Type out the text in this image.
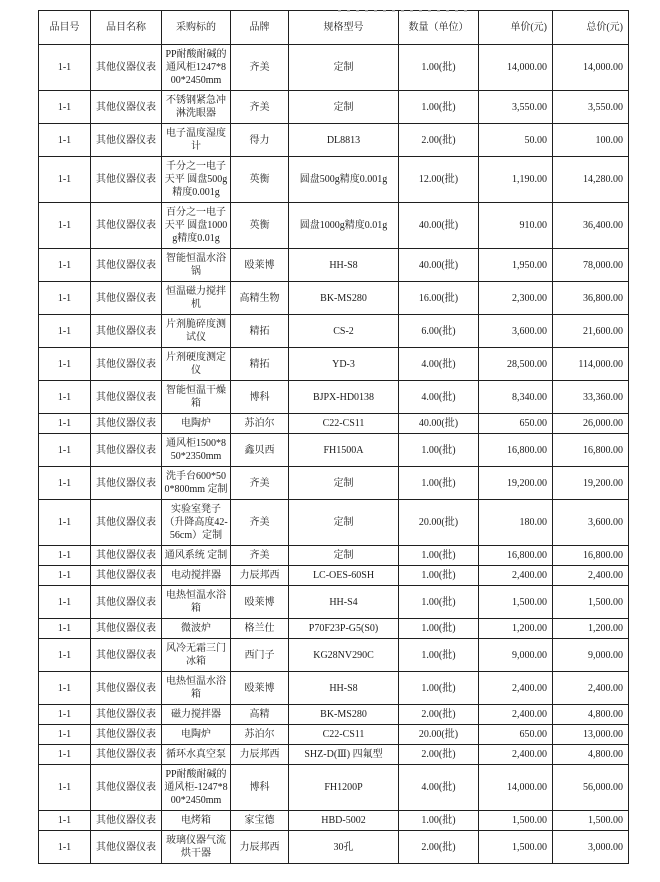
品目号	品目名称	采购标的	品牌	规格型号	数量（单位）	单价(元)	总价(元)
1-1	其他仪器仪表	PP耐酸耐碱的通风柜1247*800*2450mm	齐美	定制	1.00(批)	14,000.00	14,000.00
1-1	其他仪器仪表	不锈钢紧急冲淋洗眼器	齐美	定制	1.00(批)	3,550.00	3,550.00
1-1	其他仪器仪表	电子温度湿度计	得力	DL8813	2.00(批)	50.00	100.00
1-1	其他仪器仪表	千分之一电子天平 圆盘500g精度0.001g	英衡	圆盘500g精度0.001g	12.00(批)	1,190.00	14,280.00
1-1	其他仪器仪表	百分之一电子天平 圆盘1000g精度0.01g	英衡	圆盘1000g精度0.01g	40.00(批)	910.00	36,400.00
1-1	其他仪器仪表	智能恒温水浴锅	殴莱博	HH-S8	40.00(批)	1,950.00	78,000.00
1-1	其他仪器仪表	恒温磁力搅拌机	高精生物	BK-MS280	16.00(批)	2,300.00	36,800.00
1-1	其他仪器仪表	片剂脆碎度测试仪	精拓	CS-2	6.00(批)	3,600.00	21,600.00
1-1	其他仪器仪表	片剂硬度测定仪	精拓	YD-3	4.00(批)	28,500.00	114,000.00
1-1	其他仪器仪表	智能恒温干燥箱	博科	BJPX-HD0138	4.00(批)	8,340.00	33,360.00
1-1	其他仪器仪表	电陶炉	苏泊尔	C22-CS11	40.00(批)	650.00	26,000.00
1-1	其他仪器仪表	通风柜1500*850*2350mm	鑫贝西	FH1500A	1.00(批)	16,800.00	16,800.00
1-1	其他仪器仪表	洗手台600*500*800mm 定制	齐美	定制	1.00(批)	19,200.00	19,200.00
1-1	其他仪器仪表	实验室凳子（升降高度42-56cm）定制	齐美	定制	20.00(批)	180.00	3,600.00
1-1	其他仪器仪表	通风系统 定制	齐美	定制	1.00(批)	16,800.00	16,800.00
1-1	其他仪器仪表	电动搅拌器	力辰邦西	LC-OES-60SH	1.00(批)	2,400.00	2,400.00
1-1	其他仪器仪表	电热恒温水浴箱	殴莱博	HH-S4	1.00(批)	1,500.00	1,500.00
1-1	其他仪器仪表	微波炉	格兰仕	P70F23P-G5(S0)	1.00(批)	1,200.00	1,200.00
1-1	其他仪器仪表	风冷无霜三门冰箱	西门子	KG28NV290C	1.00(批)	9,000.00	9,000.00
1-1	其他仪器仪表	电热恒温水浴箱	殴莱博	HH-S8	1.00(批)	2,400.00	2,400.00
1-1	其他仪器仪表	磁力搅拌器	高精	BK-MS280	2.00(批)	2,400.00	4,800.00
1-1	其他仪器仪表	电陶炉	苏泊尔	C22-CS11	20.00(批)	650.00	13,000.00
1-1	其他仪器仪表	循环水真空泵	力辰邦西	SHZ-D(Ⅲ) 四氟型	2.00(批)	2,400.00	4,800.00
1-1	其他仪器仪表	PP耐酸耐碱的通风柜-1247*800*2450mm	博科	FH1200P	4.00(批)	14,000.00	56,000.00
1-1	其他仪器仪表	电烤箱	家宝德	HBD-5002	1.00(批)	1,500.00	1,500.00
1-1	其他仪器仪表	玻璃仪器气流烘干器	力辰邦西	30孔	2.00(批)	1,500.00	3,000.00
